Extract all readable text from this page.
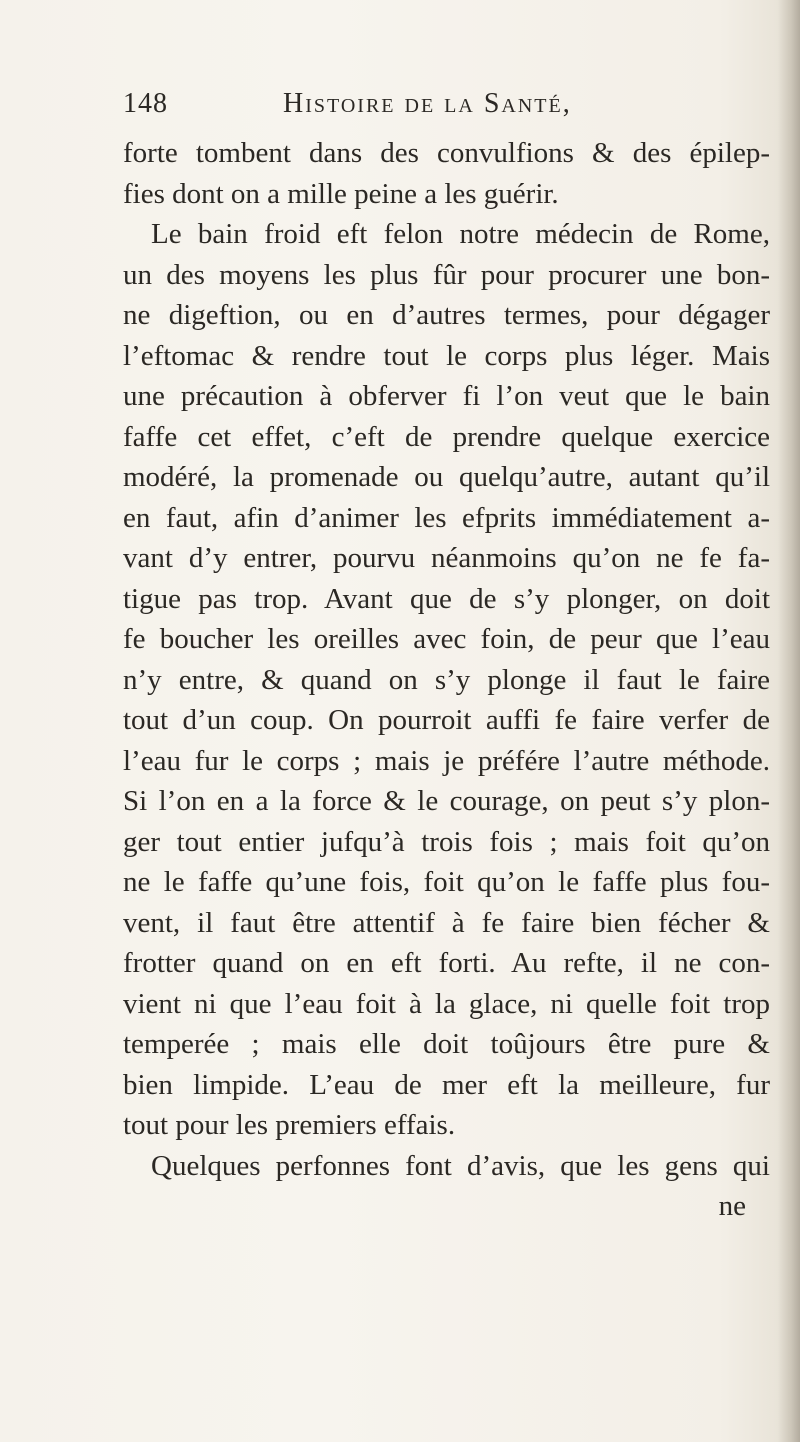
148	Histoire de la Santé,
forte tombent dans des convulfions & des épilep-
fies dont on a mille peine a les guérir.
Le bain froid eft felon notre médecin de Rome,
un des moyens les plus fûr pour procurer une bon-
ne digeftion, ou en d’autres termes, pour dégager
l’eftomac & rendre tout le corps plus léger. Mais
une précaution à obferver fi l’on veut que le bain
faffe cet effet, c’eft de prendre quelque exercice
modéré, la promenade ou quelqu’autre, autant qu’il
en faut, afin d’animer les efprits immédiatement a-
vant d’y entrer, pourvu néanmoins qu’on ne fe fa-
tigue pas trop. Avant que de s’y plonger, on doit
fe boucher les oreilles avec foin, de peur que l’eau
n’y entre, & quand on s’y plonge il faut le faire
tout d’un coup. On pourroit auffi fe faire verfer de
l’eau fur le corps ; mais je préfére l’autre méthode.
Si l’on en a la force & le courage, on peut s’y plon-
ger tout entier jufqu’à trois fois ; mais foit qu’on
ne le faffe qu’une fois, foit qu’on le faffe plus fou-
vent, il faut être attentif à fe faire bien fécher &
frotter quand on en eft forti. Au refte, il ne con-
vient ni que l’eau foit à la glace, ni quelle foit trop
temperée ; mais elle doit toûjours être pure &
bien limpide. L’eau de mer eft la meilleure, fur
tout pour les premiers effais.
Quelques perfonnes font d’avis, que les gens qui
ne
